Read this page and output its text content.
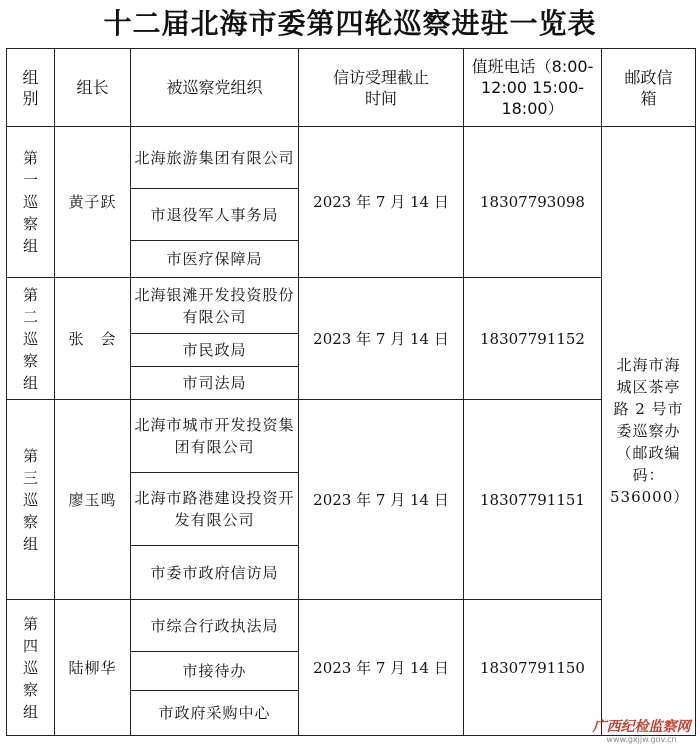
十二届北海市委第四轮巡察进驻一览表
组别	组长	被巡察党组织	信访受理截止时间	值班电话（8:00-12:00 15:00-18:00）	邮政信箱
第一巡察组	黄子跃	北海旅游集团有限公司	2023 年 7 月 14 日	18307793098	北海市海城区茶亭路 2 号市委巡察办（邮政编码：536000）
		市退役军人事务局			
		市医疗保障局			
第二巡察组	张　会	北海银滩开发投资股份有限公司	2023 年 7 月 14 日	18307791152	
		市民政局			
		市司法局			
第三巡察组	廖玉鸣	北海市城市开发投资集团有限公司	2023 年 7 月 14 日	18307791151	
		北海市路港建设投资开发有限公司			
		市委市政府信访局			
第四巡察组	陆柳华	市综合行政执法局	2023 年 7 月 14 日	18307791150	
		市接待办			
		市政府采购中心			
广西纪检监察网
www.gxjjw.gov.cn
